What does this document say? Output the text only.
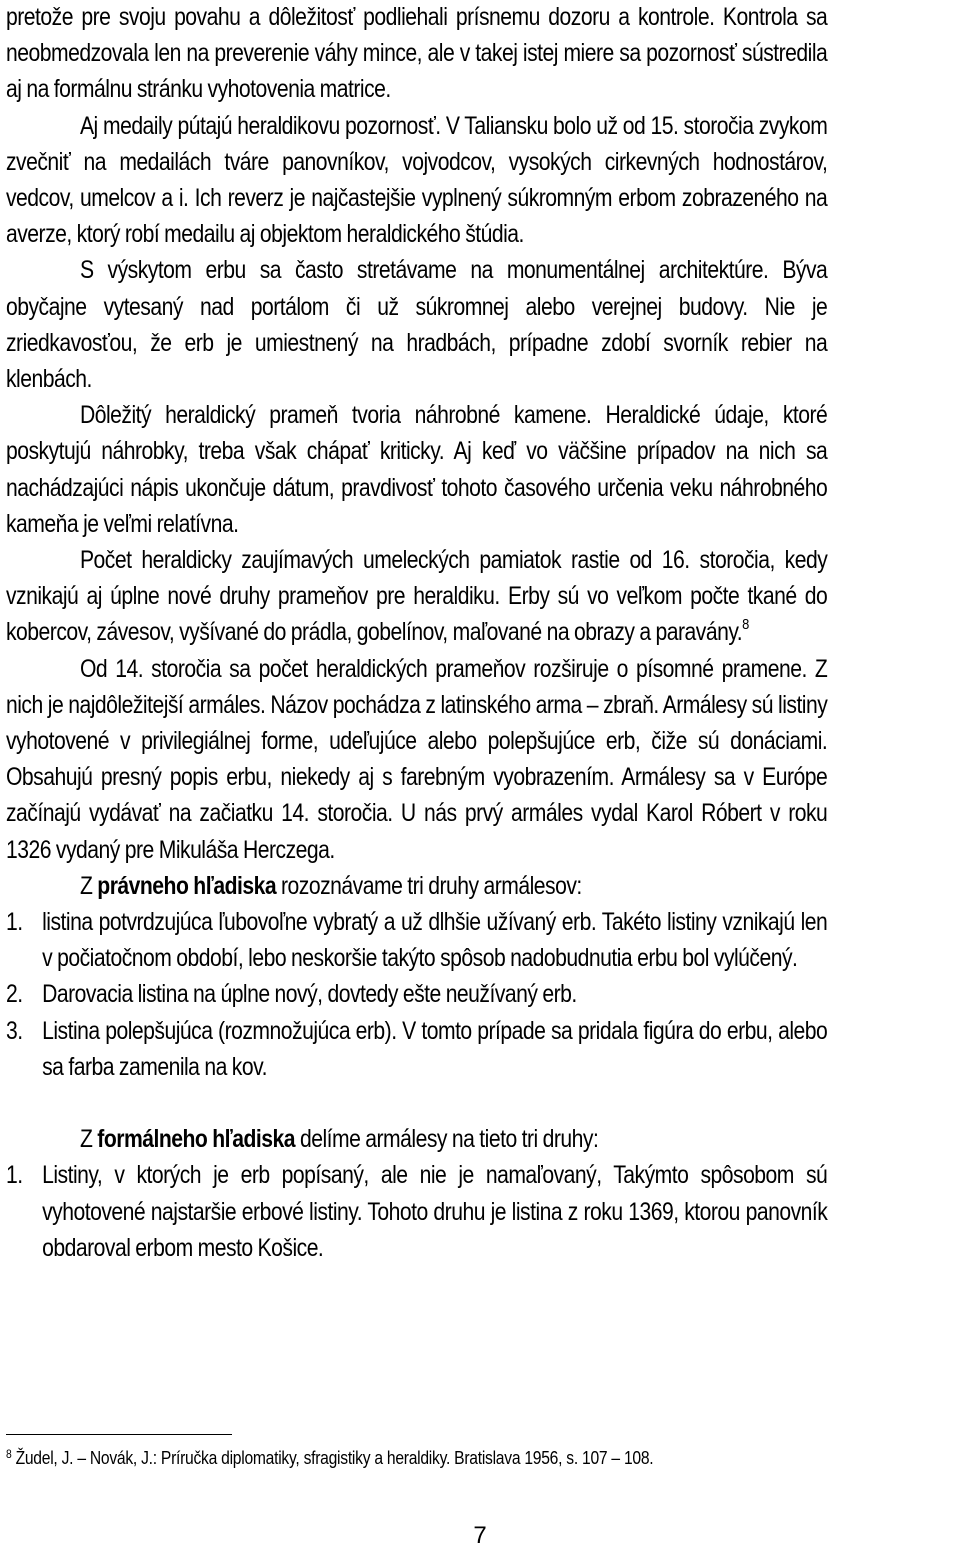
pretože pre svoju povahu a dôležitosť podliehali prísnemu dozoru a kontrole. Kontrola sa neobmedzovala len na preverenie váhy mince, ale v takej istej miere sa pozornosť sústredila aj na formálnu stránku vyhotovenia matrice.

Aj medaily pútajú heraldikovu pozornosť. V Taliansku bolo už od 15. storočia zvykom zvečniť na medailách tváre panovníkov, vojvodcov, vysokých cirkevných hodnostárov, vedcov, umelcov a i. Ich reverz je najčastejšie vyplnený súkromným erbom zobrazeného na averze, ktorý robí medailu aj objektom heraldického štúdia.

S výskytom erbu sa často stretávame na monumentálnej architektúre. Býva obyčajne vytesaný nad portálom či už súkromnej alebo verejnej budovy. Nie je zriedkavosťou, že erb je umiestnený na hradbách, prípadne zdobí svorník rebier na klenbách.

Dôležitý heraldický prameň tvoria náhrobné kamene. Heraldické údaje, ktoré poskytujú náhrobky, treba však chápať kriticky. Aj keď vo väčšine prípadov na nich sa nachádzajúci nápis ukončuje dátum, pravdivosť tohoto časového určenia veku náhrobného kameňa je veľmi relatívna.

Počet heraldicky zaujímavých umeleckých pamiatok rastie od 16. storočia, kedy vznikajú aj úplne nové druhy prameňov pre heraldiku. Erby sú vo veľkom počte tkané do kobercov, závesov, vyšívané do prádla, gobelínov, maľované na obrazy a paravány.$^8$

Od 14. storočia sa počet heraldických prameňov rozširuje o písomné pramene. Z nich je najdôležitejší armáles. Názov pochádza z latinského arma – zbraň. Armálesy sú listiny vyhotovené v privilegiálnej forme, udeľujúce alebo polepšujúce erb, čiže sú donáciami. Obsahujú presný popis erbu, niekedy aj s farebným vyobrazením. Armálesy sa v Európe začínajú vydávať na začiatku 14. storočia. U nás prvý armáles vydal Karol Róbert v roku 1326 vydaný pre Mikuláša Herczega.

Z právneho hľadiska rozoznávame tri druhy armálesov:

1. listina potvrdzujúca ľubovoľne vybratý a už dlhšie užívaný erb. Takéto listiny vznikajú len v počiatočnom období, lebo neskoršie takýto spôsob nadobudnutia erbu bol vylúčený.
2. Darovacia listina na úplne nový, dovtedy ešte neužívaný erb.
3. Listina polepšujúca (rozmnožujúca erb). V tomto prípade sa pridala figúra do erbu, alebo sa farba zamenila na kov.

Z formálneho hľadiska delíme armálesy na tieto tri druhy:

1. Listiny, v ktorých je erb popísaný, ale nie je namaľovaný, Takýmto spôsobom sú vyhotovené najstaršie erbové listiny. Tohoto druhu je listina z roku 1369, ktorou panovník obdaroval erbom mesto Košice.
$^8$ Žudel, J. – Novák, J.: Príručka diplomatiky, sfragistiky a heraldiky. Bratislava 1956, s. 107 – 108.
7
